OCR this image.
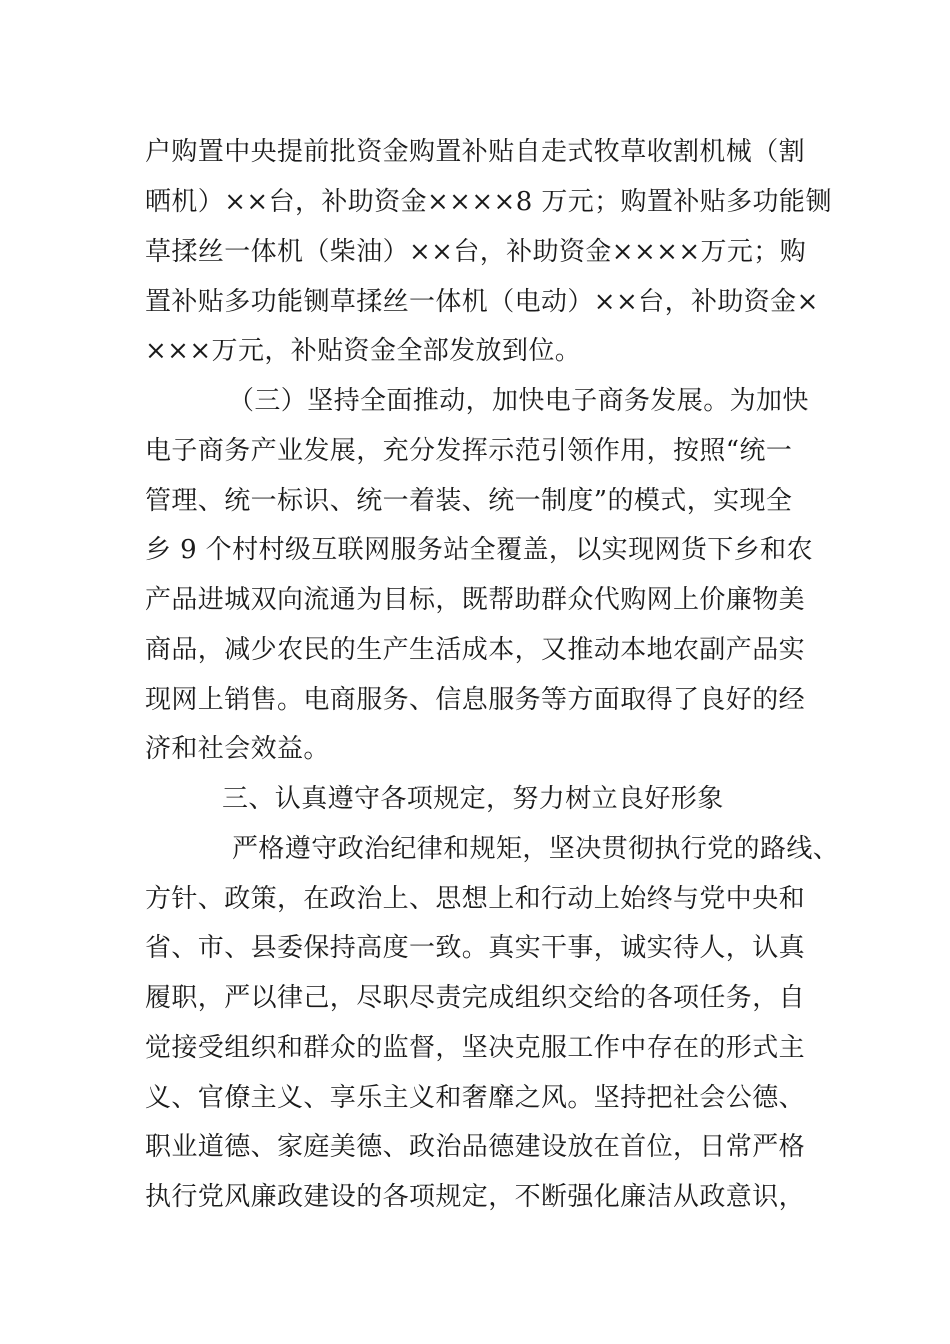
户购置中央提前批资金购置补贴自走式牧草收割机械（割
晒机）××台，补助资金××××8 万元；购置补贴多功能铡
草揉丝一体机（柴油）××台，补助资金××××万元；购
置补贴多功能铡草揉丝一体机（电动）××台，补助资金×
×××万元，补贴资金全部发放到位。
（三）坚持全面推动，加快电子商务发展。为加快
电子商务产业发展，充分发挥示范引领作用，按照“统一
管理、统一标识、统一着装、统一制度”的模式，实现全
乡 9 个村村级互联网服务站全覆盖，以实现网货下乡和农
产品进城双向流通为目标，既帮助群众代购网上价廉物美
商品，减少农民的生产生活成本，又推动本地农副产品实
现网上销售。电商服务、信息服务等方面取得了良好的经
济和社会效益。
三、认真遵守各项规定，努力树立良好形象
严格遵守政治纪律和规矩，坚决贯彻执行党的路线、
方针、政策，在政治上、思想上和行动上始终与党中央和
省、市、县委保持高度一致。真实干事，诚实待人，认真
履职，严以律己，尽职尽责完成组织交给的各项任务，自
觉接受组织和群众的监督，坚决克服工作中存在的形式主
义、官僚主义、享乐主义和奢靡之风。坚持把社会公德、
职业道德、家庭美德、政治品德建设放在首位，日常严格
执行党风廉政建设的各项规定，不断强化廉洁从政意识，
